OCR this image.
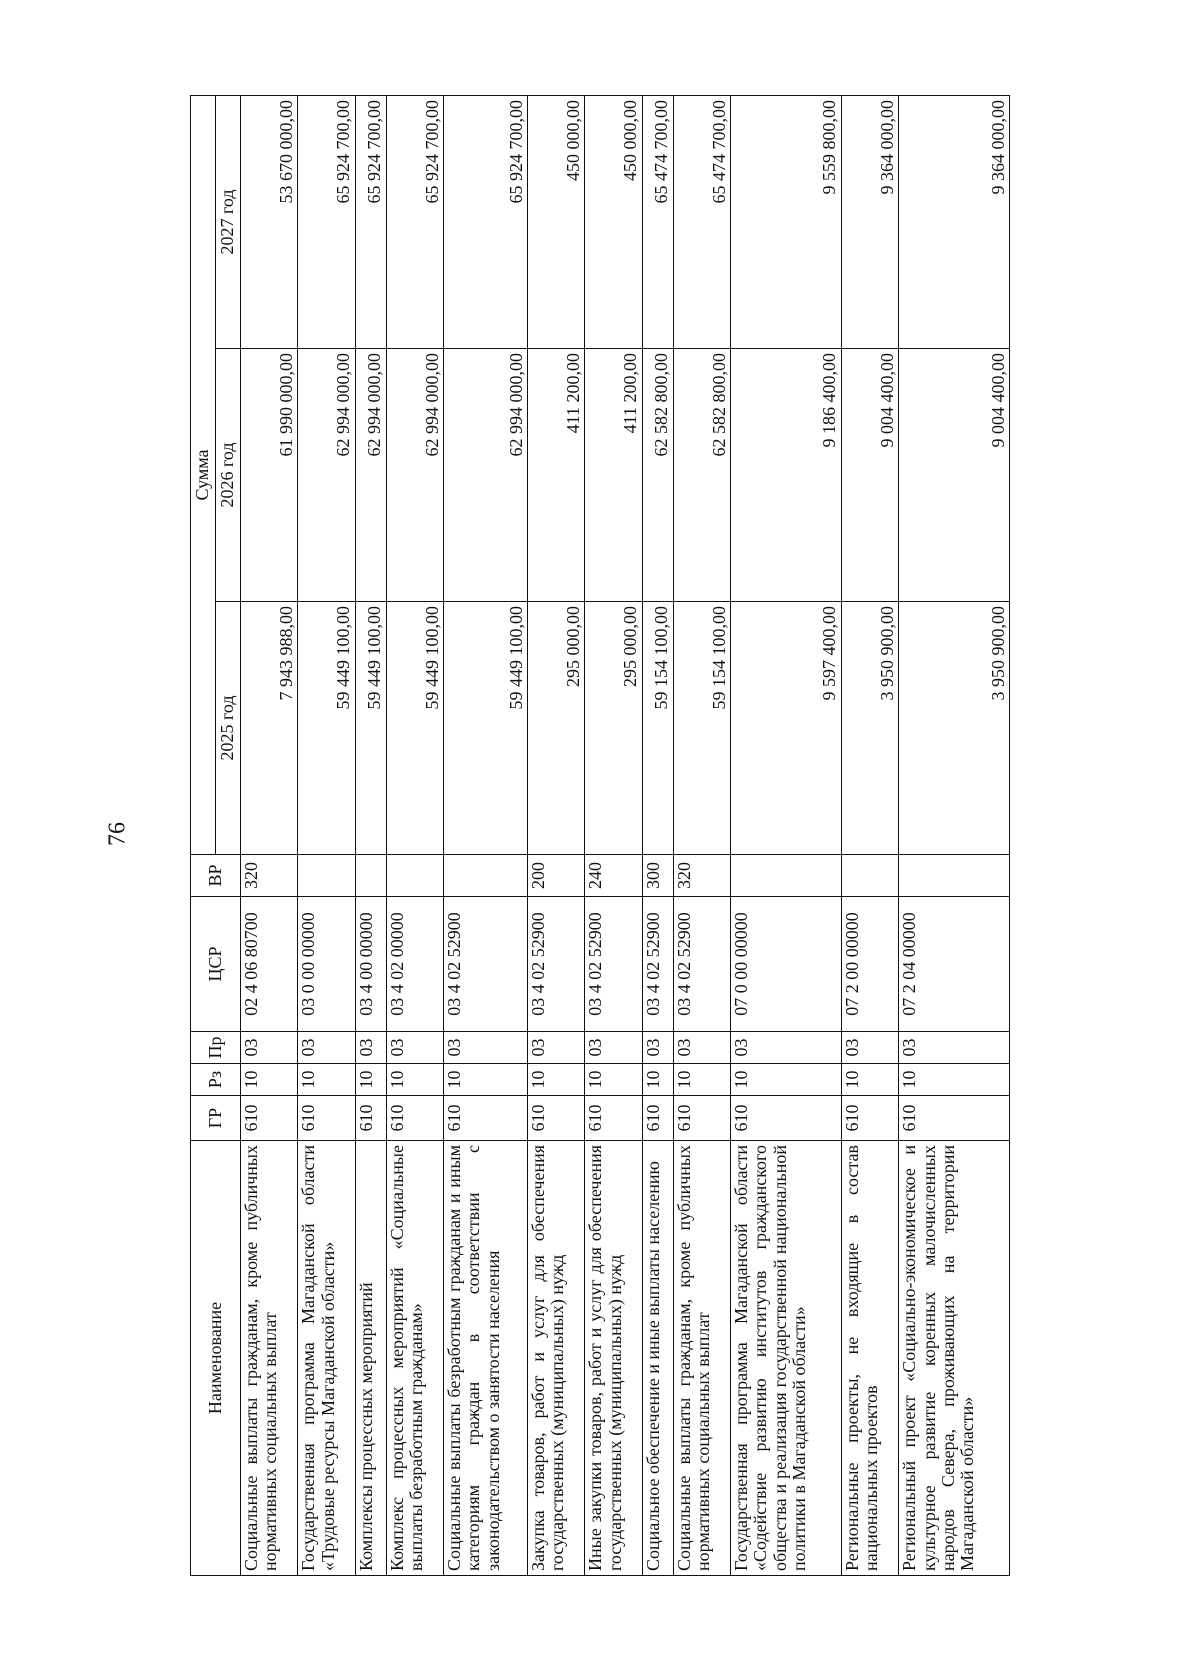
76
Наименование	ГР	Рз	Пр	ЦСР	ВР	Сумма		
						2025 год	2026 год	2027 год
Социальные выплаты гражданам, кроме публичных нормативных социальных выплат	610	10	03	02 4 06 80700	320	7 943 988,00	61 990 000,00	53 670 000,00
Государственная программа Магаданской области «Трудовые ресурсы Магаданской области»	610	10	03	03 0 00 00000		59 449 100,00	62 994 000,00	65 924 700,00
Комплексы процессных мероприятий	610	10	03	03 4 00 00000		59 449 100,00	62 994 000,00	65 924 700,00
Комплекс процессных мероприятий «Социальные выплаты безработным гражданам»	610	10	03	03 4 02 00000		59 449 100,00	62 994 000,00	65 924 700,00
Социальные выплаты безработным гражданам и иным категориям граждан в соответствии с законодательством о занятости населения	610	10	03	03 4 02 52900		59 449 100,00	62 994 000,00	65 924 700,00
Закупка товаров, работ и услуг для обеспечения государственных (муниципальных) нужд	610	10	03	03 4 02 52900	200	295 000,00	411 200,00	450 000,00
Иные закупки товаров, работ и услуг для обеспечения государственных (муниципальных) нужд	610	10	03	03 4 02 52900	240	295 000,00	411 200,00	450 000,00
Социальное обеспечение и иные выплаты населению	610	10	03	03 4 02 52900	300	59 154 100,00	62 582 800,00	65 474 700,00
Социальные выплаты гражданам, кроме публичных нормативных социальных выплат	610	10	03	03 4 02 52900	320	59 154 100,00	62 582 800,00	65 474 700,00
Государственная программа Магаданской области «Содействие развитию институтов гражданского общества и реализация государственной национальной политики в Магаданской области»	610	10	03	07 0 00 00000		9 597 400,00	9 186 400,00	9 559 800,00
Региональные проекты, не входящие в состав национальных проектов	610	10	03	07 2 00 00000		3 950 900,00	9 004 400,00	9 364 000,00
Региональный проект «Социально-экономическое и культурное развитие коренных малочисленных народов Севера, проживающих на территории Магаданской области»	610	10	03	07 2 04 00000		3 950 900,00	9 004 400,00	9 364 000,00
